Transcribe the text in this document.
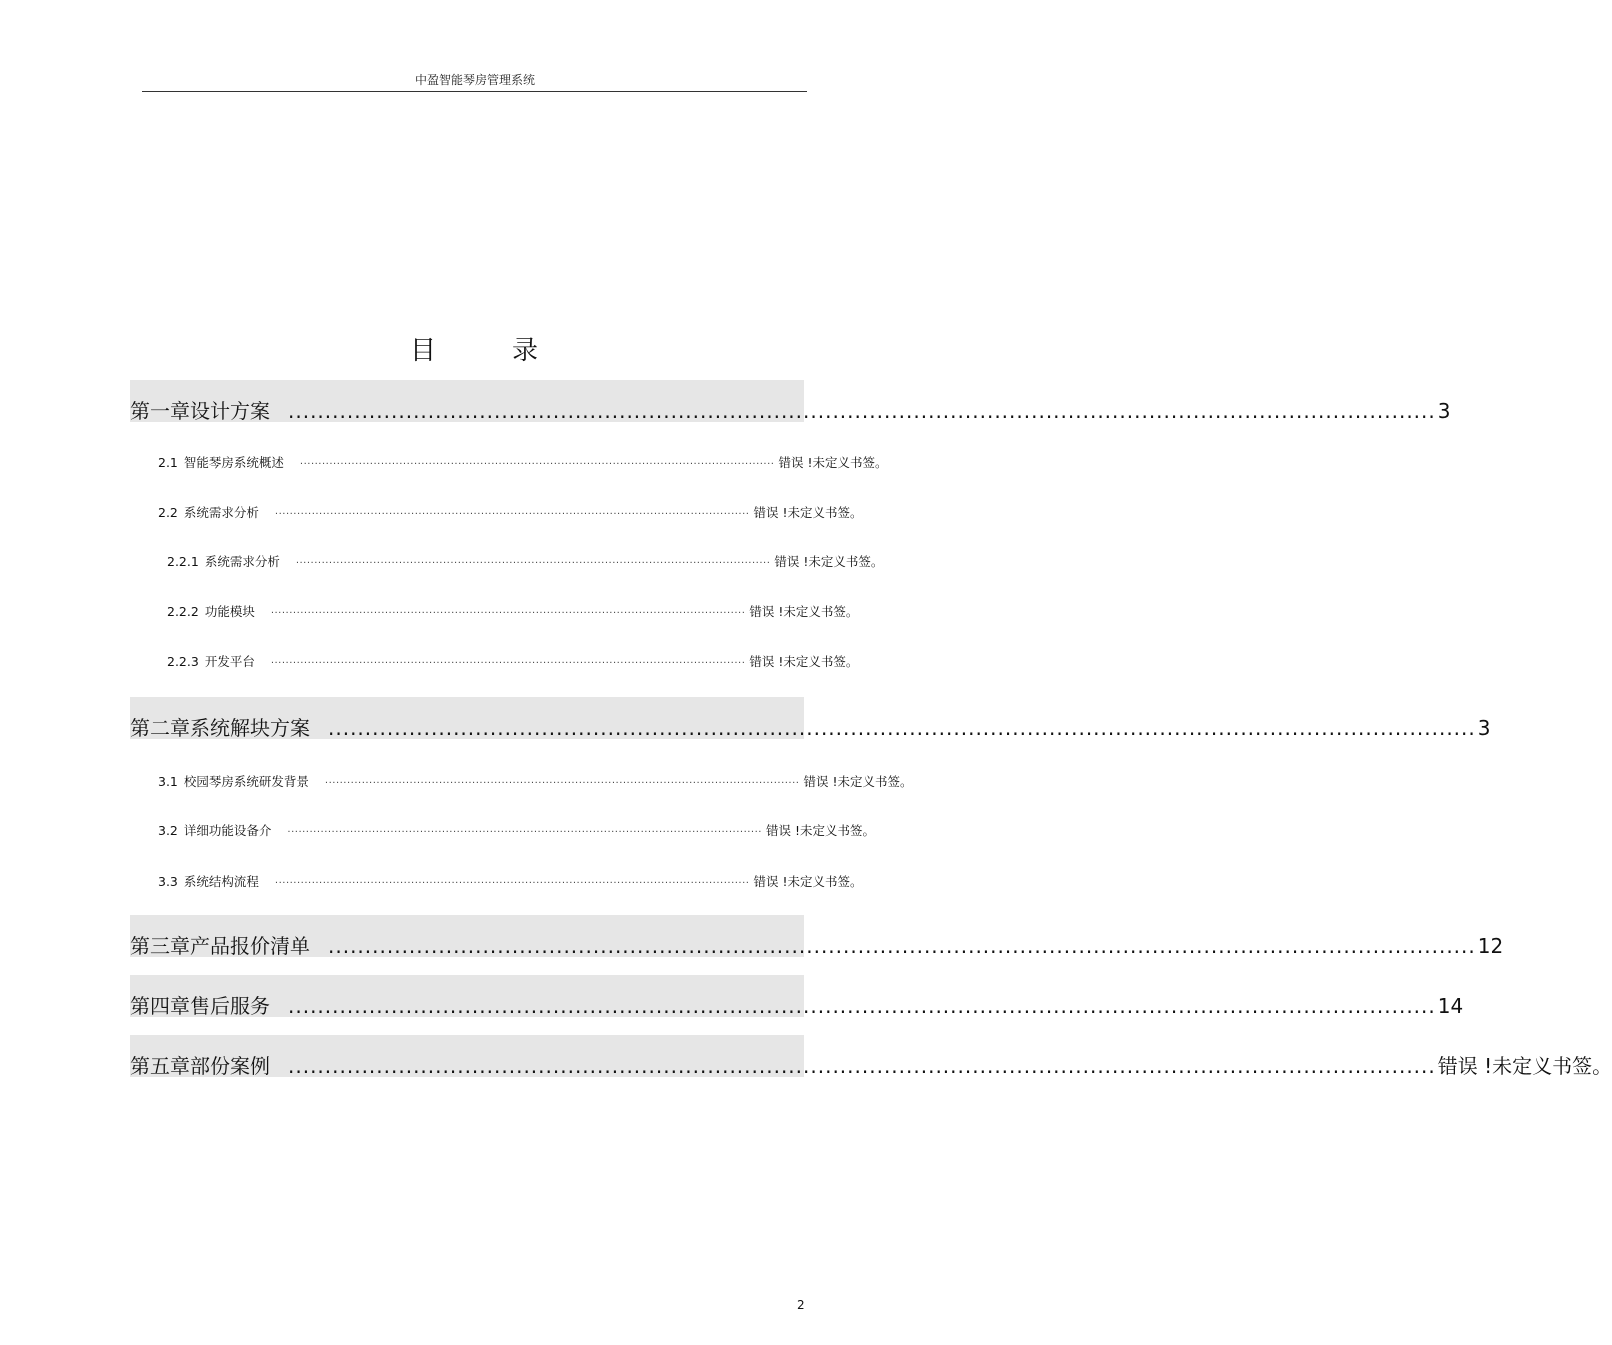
中盈智能琴房管理系统
目	录
第一章 设计方案 ............................................................................................................................................................ 3
2.1 智能琴房系统概述 ································································································································· 错误 !未定义书签。
2.2 系统需求分析 ································································································································· 错误 !未定义书签。
2.2.1 系统需求分析 ································································································································· 错误 !未定义书签。
2.2.2 功能模块 ································································································································· 错误 !未定义书签。
2.2.3 开发平台 ································································································································· 错误 !未定义书签。
第二章 系统解块方案 ............................................................................................................................................................ 3
3.1 校园琴房系统研发背景 ································································································································· 错误 !未定义书签。
3.2 详细功能设备介 ································································································································· 错误 !未定义书签。
3.3 系统结构流程 ································································································································· 错误 !未定义书签。
第三章 产品报价清单 ............................................................................................................................................................ 12
第四章 售后服务 ............................................................................................................................................................ 14
第五章 部份案例 ............................................................................................................................................................ 错误 !未定义书签。
2
